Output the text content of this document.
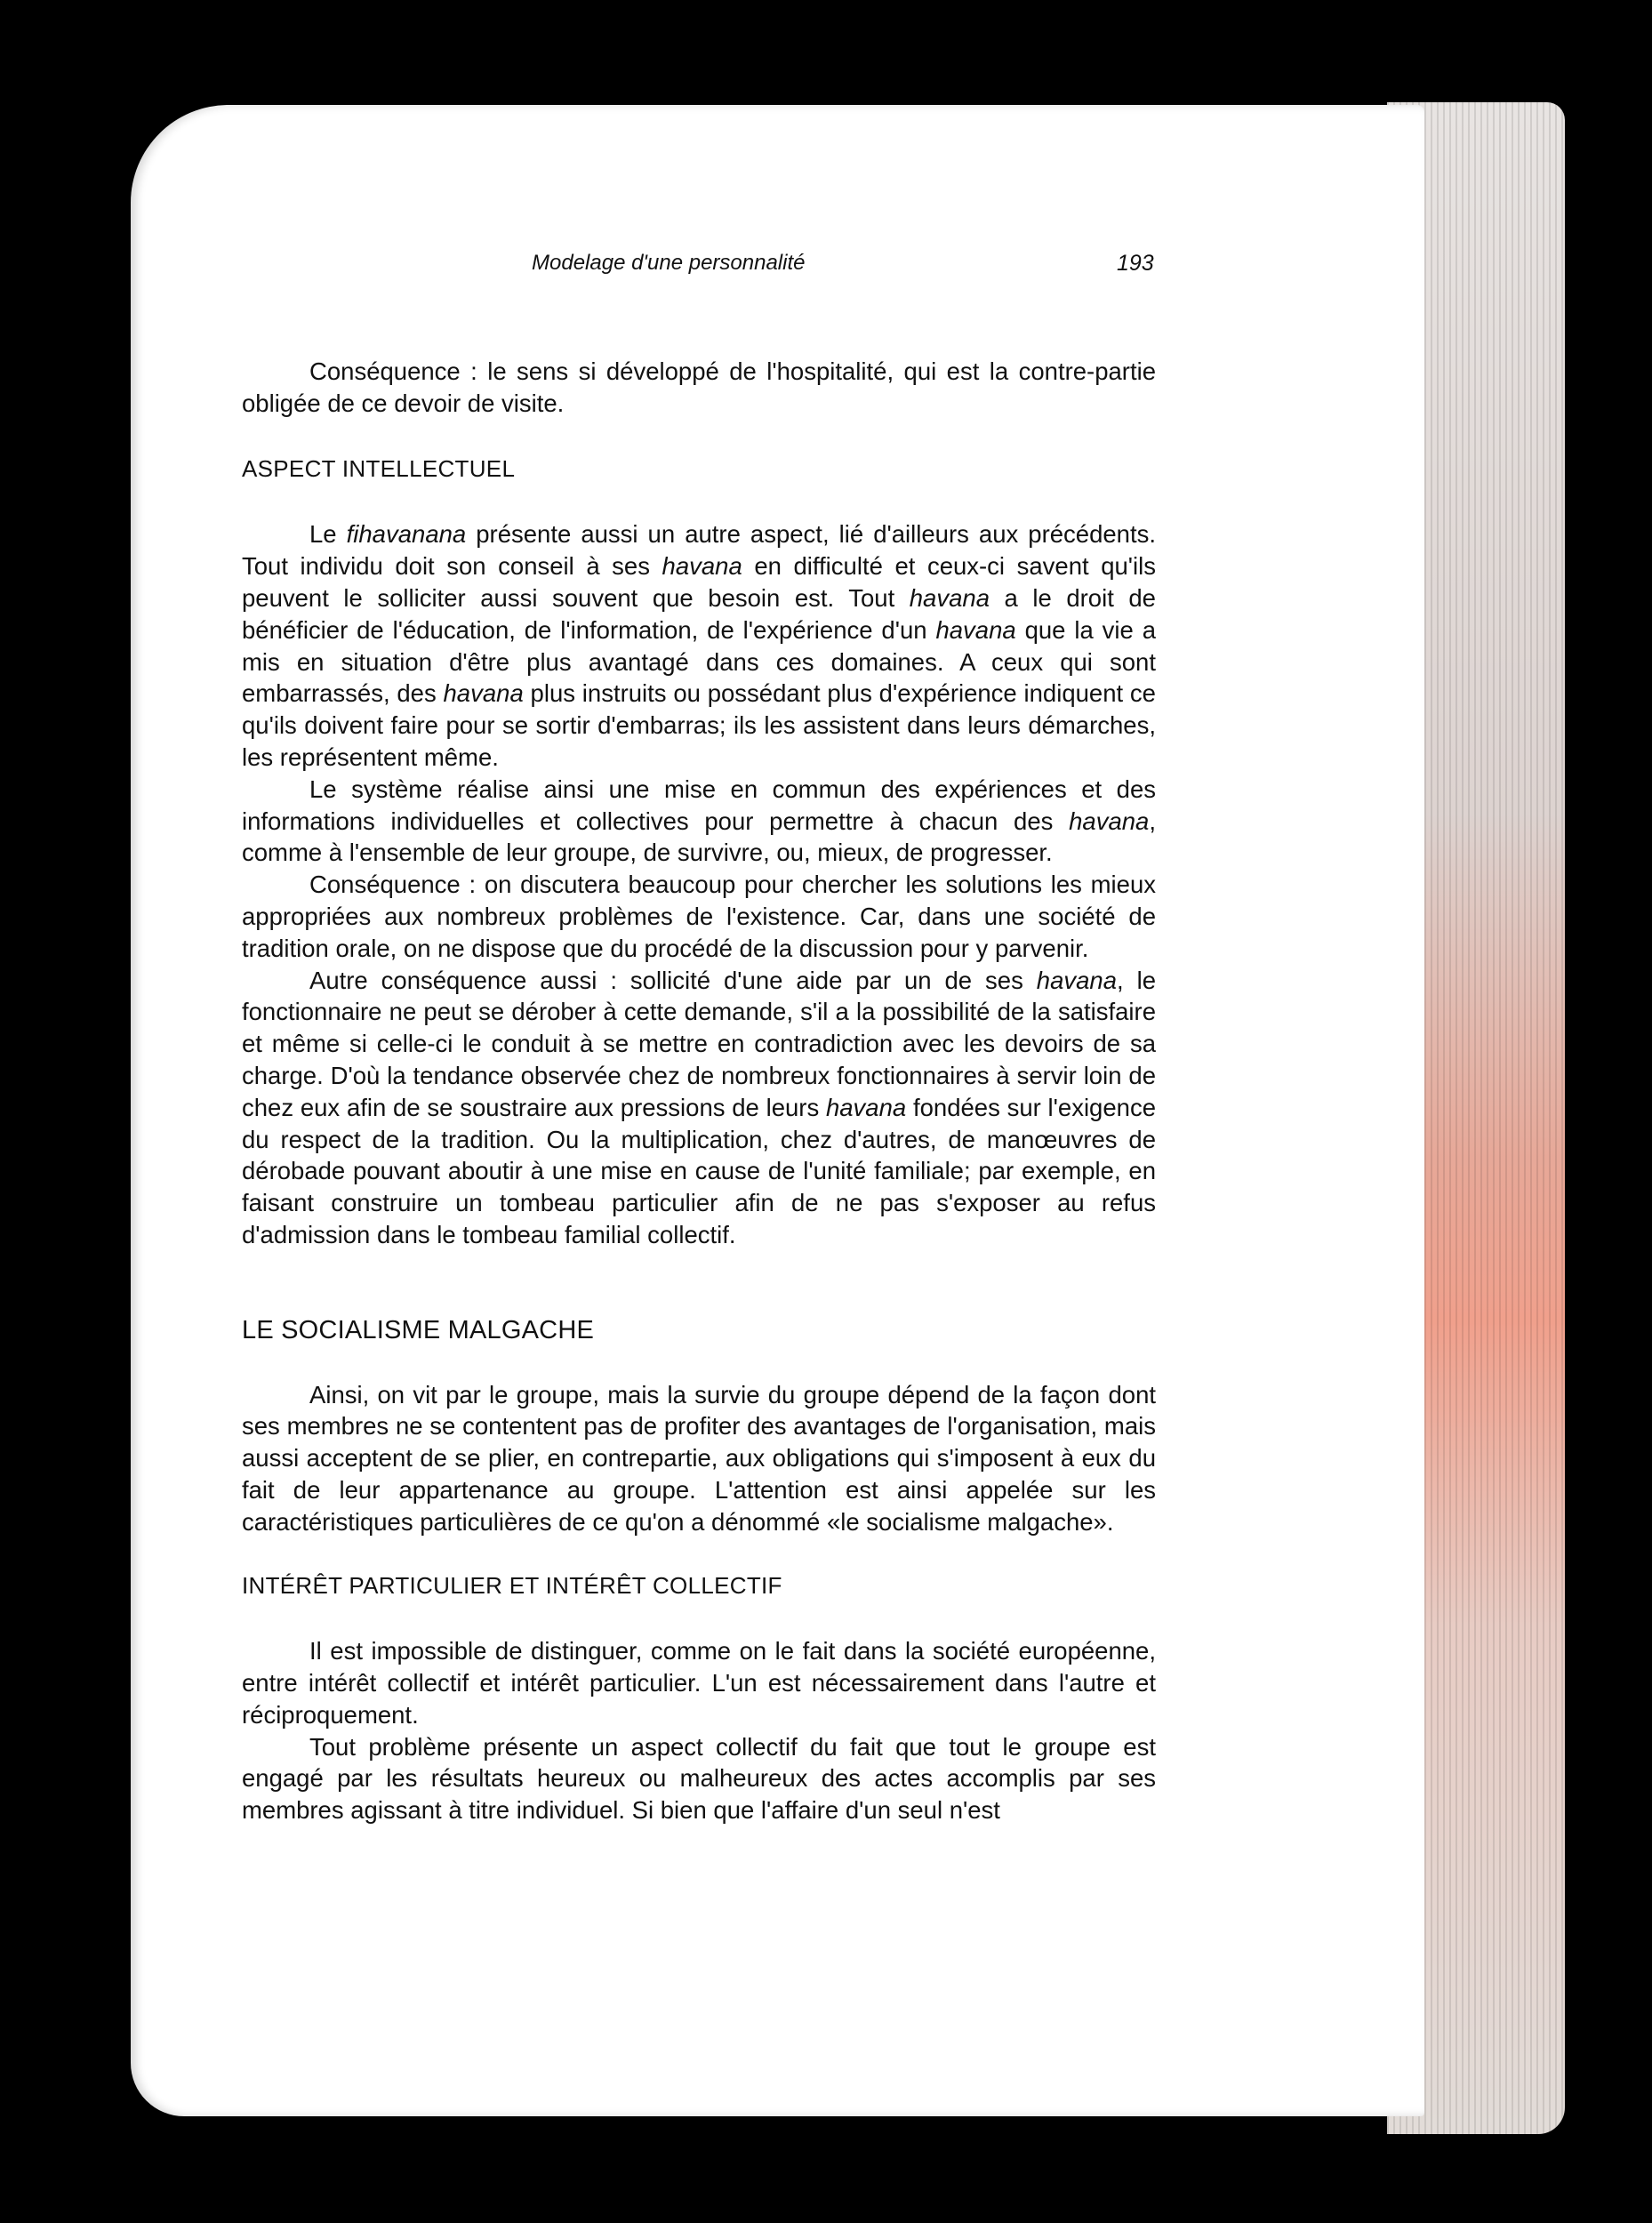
Modelage d'une personnalité	193

Conséquence : le sens si développé de l'hospitalité, qui est la contre-partie obligée de ce devoir de visite.

ASPECT INTELLECTUEL

Le fihavanana présente aussi un autre aspect, lié d'ailleurs aux précédents. Tout individu doit son conseil à ses havana en difficulté et ceux-ci savent qu'ils peuvent le solliciter aussi souvent que besoin est. Tout havana a le droit de bénéficier de l'éducation, de l'information, de l'expérience d'un havana que la vie a mis en situation d'être plus avantagé dans ces domaines. A ceux qui sont embarrassés, des havana plus instruits ou possédant plus d'expérience indiquent ce qu'ils doivent faire pour se sortir d'embarras; ils les assistent dans leurs démarches, les représentent même.

Le système réalise ainsi une mise en commun des expériences et des informations individuelles et collectives pour permettre à chacun des havana, comme à l'ensemble de leur groupe, de survivre, ou, mieux, de progresser.

Conséquence : on discutera beaucoup pour chercher les solutions les mieux appropriées aux nombreux problèmes de l'existence. Car, dans une société de tradition orale, on ne dispose que du procédé de la discussion pour y parvenir.

Autre conséquence aussi : sollicité d'une aide par un de ses havana, le fonctionnaire ne peut se dérober à cette demande, s'il a la possibilité de la satisfaire et même si celle-ci le conduit à se mettre en contradiction avec les devoirs de sa charge. D'où la tendance observée chez de nombreux fonctionnaires à servir loin de chez eux afin de se soustraire aux pressions de leurs havana fondées sur l'exigence du respect de la tradition. Ou la multiplication, chez d'autres, de manœuvres de dérobade pouvant aboutir à une mise en cause de l'unité familiale; par exemple, en faisant construire un tombeau particulier afin de ne pas s'exposer au refus d'admission dans le tombeau familial collectif.

LE SOCIALISME MALGACHE

Ainsi, on vit par le groupe, mais la survie du groupe dépend de la façon dont ses membres ne se contentent pas de profiter des avantages de l'organisation, mais aussi acceptent de se plier, en contrepartie, aux obligations qui s'imposent à eux du fait de leur appartenance au groupe. L'attention est ainsi appelée sur les caractéristiques particulières de ce qu'on a dénommé «le socialisme malgache».

INTÉRÊT PARTICULIER ET INTÉRÊT COLLECTIF

Il est impossible de distinguer, comme on le fait dans la société européenne, entre intérêt collectif et intérêt particulier. L'un est nécessairement dans l'autre et réciproquement.

Tout problème présente un aspect collectif du fait que tout le groupe est engagé par les résultats heureux ou malheureux des actes accomplis par ses membres agissant à titre individuel. Si bien que l'affaire d'un seul n'est
